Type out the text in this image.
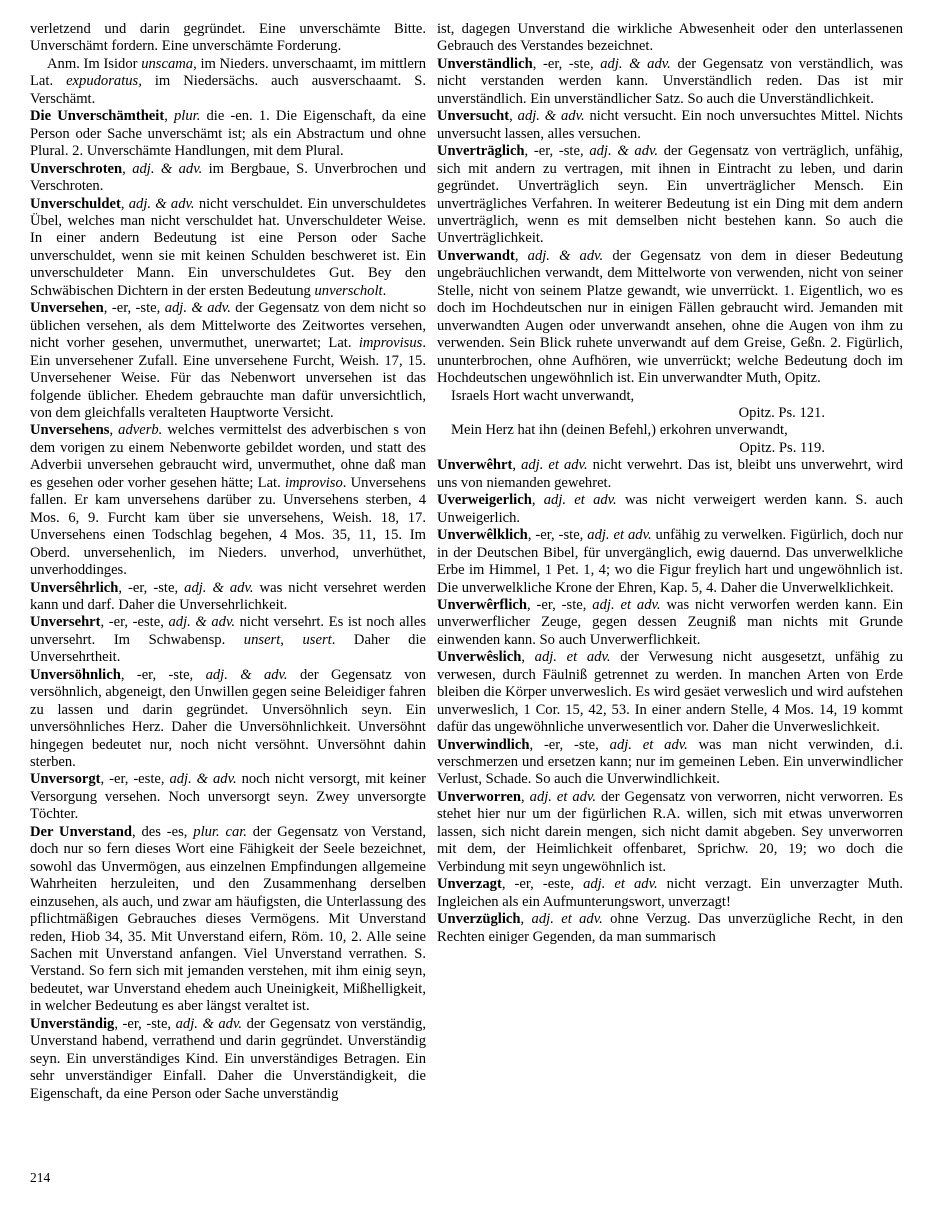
verletzend und darin gegründet. Eine unverschämte Bitte. Unverschämt fordern. Eine unverschämte Forderung.

Anm. Im Isidor unscama, im Nieders. unverschaamt, im mittlern Lat. expudoratus, im Niedersächs. auch ausverschaamt. S. Verschämt.

Die Unverschämtheit, plur. die -en. 1. Die Eigenschaft, da eine Person oder Sache unverschämt ist; als ein Abstractum und ohne Plural. 2. Unverschämte Handlungen, mit dem Plural.

Unverschroten, adj. & adv. im Bergbaue, S. Unverbrochen und Verschroten.

Unverschuldet, adj. & adv. nicht verschuldet. Ein unverschuldetes Übel, welches man nicht verschuldet hat. Unverschuldeter Weise. In einer andern Bedeutung ist eine Person oder Sache unverschuldet, wenn sie mit keinen Schulden beschweret ist. Ein unverschuldeter Mann. Ein unverschuldetes Gut. Bey den Schwäbischen Dichtern in der ersten Bedeutung unverscholt.

Unversehen, -er, -ste, adj. & adv. der Gegensatz von dem nicht so üblichen versehen, als dem Mittelworte des Zeitwortes versehen, nicht vorher gesehen, unvermuthet, unerwartet; Lat. improvisus. Ein unversehener Zufall. Eine unversehene Furcht, Weish. 17, 15. Unversehener Weise. Für das Nebenwort unversehen ist das folgende üblicher. Ehedem gebrauchte man dafür unversichtlich, von dem gleichfalls veralteten Hauptworte Versicht.

Unversehens, adverb. welches vermittelst des adverbischen s von dem vorigen zu einem Nebenworte gebildet worden, und statt des Adverbii unversehen gebraucht wird, unvermuthet, ohne daß man es gesehen oder vorher gesehen hätte; Lat. improviso. Unversehens fallen. Er kam unversehens darüber zu. Unversehens sterben, 4 Mos. 6, 9. Furcht kam über sie unversehens, Weish. 18, 17. Unversehens einen Todschlag begehen, 4 Mos. 35, 11, 15. Im Oberd. unversehenlich, im Nieders. unverhod, unverhüthet, unverhoddinges.

Unversêhrlich, -er, -ste, adj. & adv. was nicht versehret werden kann und darf. Daher die Unversehrlichkeit.

Unversehrt, -er, -este, adj. & adv. nicht versehrt. Es ist noch alles unversehrt. Im Schwabensp. unsert, usert. Daher die Unversehrtheit.

Unversöhnlich, -er, -ste, adj. & adv. der Gegensatz von versöhnlich, abgeneigt, den Unwillen gegen seine Beleidiger fahren zu lassen und darin gegründet. Unversöhnlich seyn. Ein unversöhnliches Herz. Daher die Unversöhnlichkeit. Unversöhnt hingegen bedeutet nur, noch nicht versöhnt. Unversöhnt dahin sterben.

Unversorgt, -er, -este, adj. & adv. noch nicht versorgt, mit keiner Versorgung versehen. Noch unversorgt seyn. Zwey unversorgte Töchter.

Der Unverstand, des -es, plur. car. der Gegensatz von Verstand, doch nur so fern dieses Wort eine Fähigkeit der Seele bezeichnet, sowohl das Unvermögen, aus einzelnen Empfindungen allgemeine Wahrheiten herzuleiten, und den Zusammenhang derselben einzusehen, als auch, und zwar am häufigsten, die Unterlassung des pflichtmäßigen Gebrauches dieses Vermögens. Mit Unverstand reden, Hiob 34, 35. Mit Unverstand eifern, Röm. 10, 2. Alle seine Sachen mit Unverstand anfangen. Viel Unverstand verrathen. S. Verstand. So fern sich mit jemanden verstehen, mit ihm einig seyn, bedeutet, war Unverstand ehedem auch Uneinigkeit, Mißhelligkeit, in welcher Bedeutung es aber längst veraltet ist.

Unverständig, -er, -ste, adj. & adv. der Gegensatz von verständig, Unverstand habend, verrathend und darin gegründet. Unverständig seyn. Ein unverständiges Kind. Ein unverständiges Betragen. Ein sehr unverständiger Einfall. Daher die Unverständigkeit, die Eigenschaft, da eine Person oder Sache unverständig

ist, dagegen Unverstand die wirkliche Abwesenheit oder den unterlassenen Gebrauch des Verstandes bezeichnet.

Unverständlich, -er, -ste, adj. & adv. der Gegensatz von verständlich, was nicht verstanden werden kann. Unverständlich reden. Das ist mir unverständlich. Ein unverständlicher Satz. So auch die Unverständlichkeit.

Unversucht, adj. & adv. nicht versucht. Ein noch unversuchtes Mittel. Nichts unversucht lassen, alles versuchen.

Unverträglich, -er, -ste, adj. & adv. der Gegensatz von verträglich, unfähig, sich mit andern zu vertragen, mit ihnen in Eintracht zu leben, und darin gegründet. Unverträglich seyn. Ein unverträglicher Mensch. Ein unverträgliches Verfahren. In weiterer Bedeutung ist ein Ding mit dem andern unverträglich, wenn es mit demselben nicht bestehen kann. So auch die Unverträglichkeit.

Unverwandt, adj. & adv. der Gegensatz von dem in dieser Bedeutung ungebräuchlichen verwandt, dem Mittelworte von verwenden, nicht von seiner Stelle, nicht von seinem Platze gewandt, wie unverrückt. 1. Eigentlich, wo es doch im Hochdeutschen nur in einigen Fällen gebraucht wird. Jemanden mit unverwandten Augen oder unverwandt ansehen, ohne die Augen von ihm zu verwenden. Sein Blick ruhete unverwandt auf dem Greise, Geßn. 2. Figürlich, ununterbrochen, ohne Aufhören, wie unverrückt; welche Bedeutung doch im Hochdeutschen ungewöhnlich ist. Ein unverwandter Muth, Opitz.

Israels Hort wacht unverwandt,

Opitz. Ps. 121.

Mein Herz hat ihn (deinen Befehl,) erkohren unverwandt,

Opitz. Ps. 119.

Unverwêhrt, adj. et adv. nicht verwehrt. Das ist, bleibt uns unverwehrt, wird uns von niemanden gewehret.

Uverweigerlich, adj. et adv. was nicht verweigert werden kann. S. auch Unweigerlich.

Unverwêlklich, -er, -ste, adj. et adv. unfähig zu verwelken. Figürlich, doch nur in der Deutschen Bibel, für unvergänglich, ewig dauernd. Das unverwelkliche Erbe im Himmel, 1 Pet. 1, 4; wo die Figur freylich hart und ungewöhnlich ist. Die unverwelkliche Krone der Ehren, Kap. 5, 4. Daher die Unverwelklichkeit.

Unverwêrflich, -er, -ste, adj. et adv. was nicht verworfen werden kann. Ein unverwerflicher Zeuge, gegen dessen Zeugniß man nichts mit Grunde einwenden kann. So auch Unverwerflichkeit.

Unverwêslich, adj. et adv. der Verwesung nicht ausgesetzt, unfähig zu verwesen, durch Fäulniß getrennet zu werden. In manchen Arten von Erde bleiben die Körper unverweslich. Es wird gesäet verweslich und wird aufstehen unverweslich, 1 Cor. 15, 42, 53. In einer andern Stelle, 4 Mos. 14, 19 kommt dafür das ungewöhnliche unverwesentlich vor. Daher die Unverweslichkeit.

Unverwindlich, -er, -ste, adj. et adv. was man nicht verwinden, d.i. verschmerzen und ersetzen kann; nur im gemeinen Leben. Ein unverwindlicher Verlust, Schade. So auch die Unverwindlichkeit.

Unverworren, adj. et adv. der Gegensatz von verworren, nicht verworren. Es stehet hier nur um der figürlichen R.A. willen, sich mit etwas unverworren lassen, sich nicht darein mengen, sich nicht damit abgeben. Sey unverworren mit dem, der Heimlichkeit offenbaret, Sprichw. 20, 19; wo doch die Verbindung mit seyn ungewöhnlich ist.

Unverzagt, -er, -este, adj. et adv. nicht verzagt. Ein unverzagter Muth. Ingleichen als ein Aufmunterungswort, unverzagt!

Unverzüglich, adj. et adv. ohne Verzug. Das unverzügliche Recht, in den Rechten einiger Gegenden, da man summarisch

214
